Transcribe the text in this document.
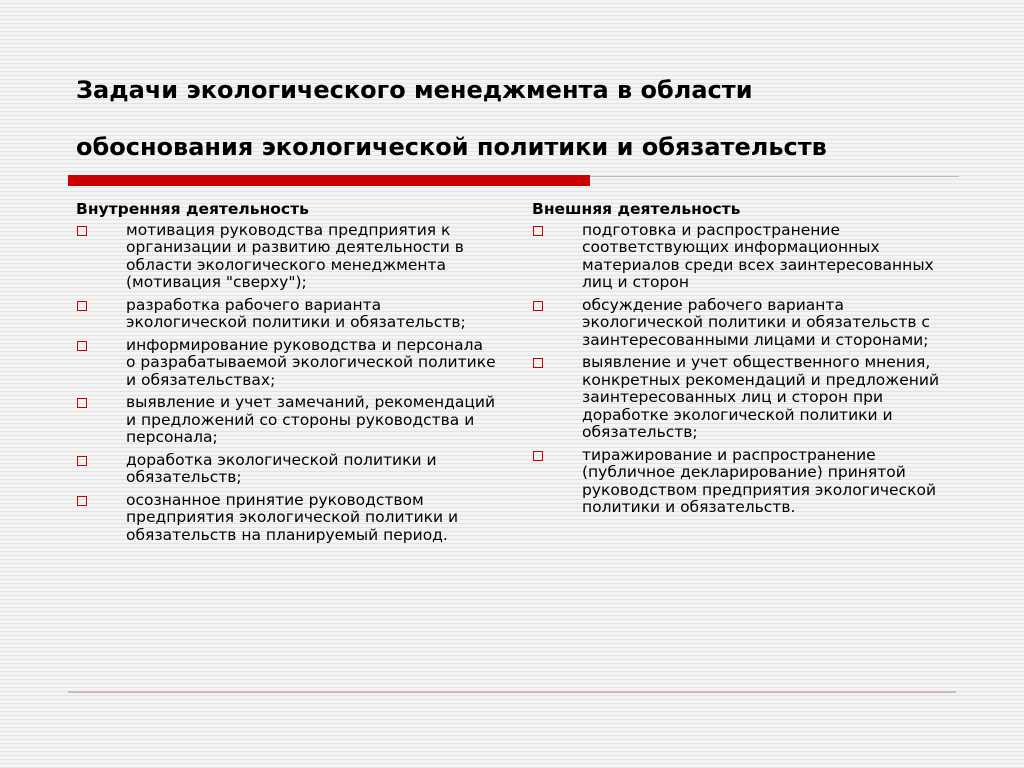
Задачи экологического менеджмента в области
обоснования экологической политики и обязательств
Внутренняя деятельность
мотивация руководства предприятия к организации и развитию деятельности в области экологического менеджмента (мотивация "сверху");
разработка рабочего варианта экологической политики и обязательств;
информирование руководства и персонала о разрабатываемой экологической политике и обязательствах;
выявление и учет замечаний, рекомендаций и предложений со стороны руководства и персонала;
доработка экологической политики и обязательств;
осознанное принятие руководством предприятия экологической политики и обязательств на планируемый период.
Внешняя деятельность
подготовка и распространение соответствующих информационных материалов среди всех заинтересованных лиц и сторон
обсуждение рабочего варианта экологической политики и обязательств с заинтересованными лицами и сторонами;
выявление и учет общественного мнения, конкретных рекомендаций и предложений заинтересованных лиц и сторон при доработке экологической политики и обязательств;
тиражирование и распространение (публичное декларирование) принятой руководством предприятия экологической политики и обязательств.
